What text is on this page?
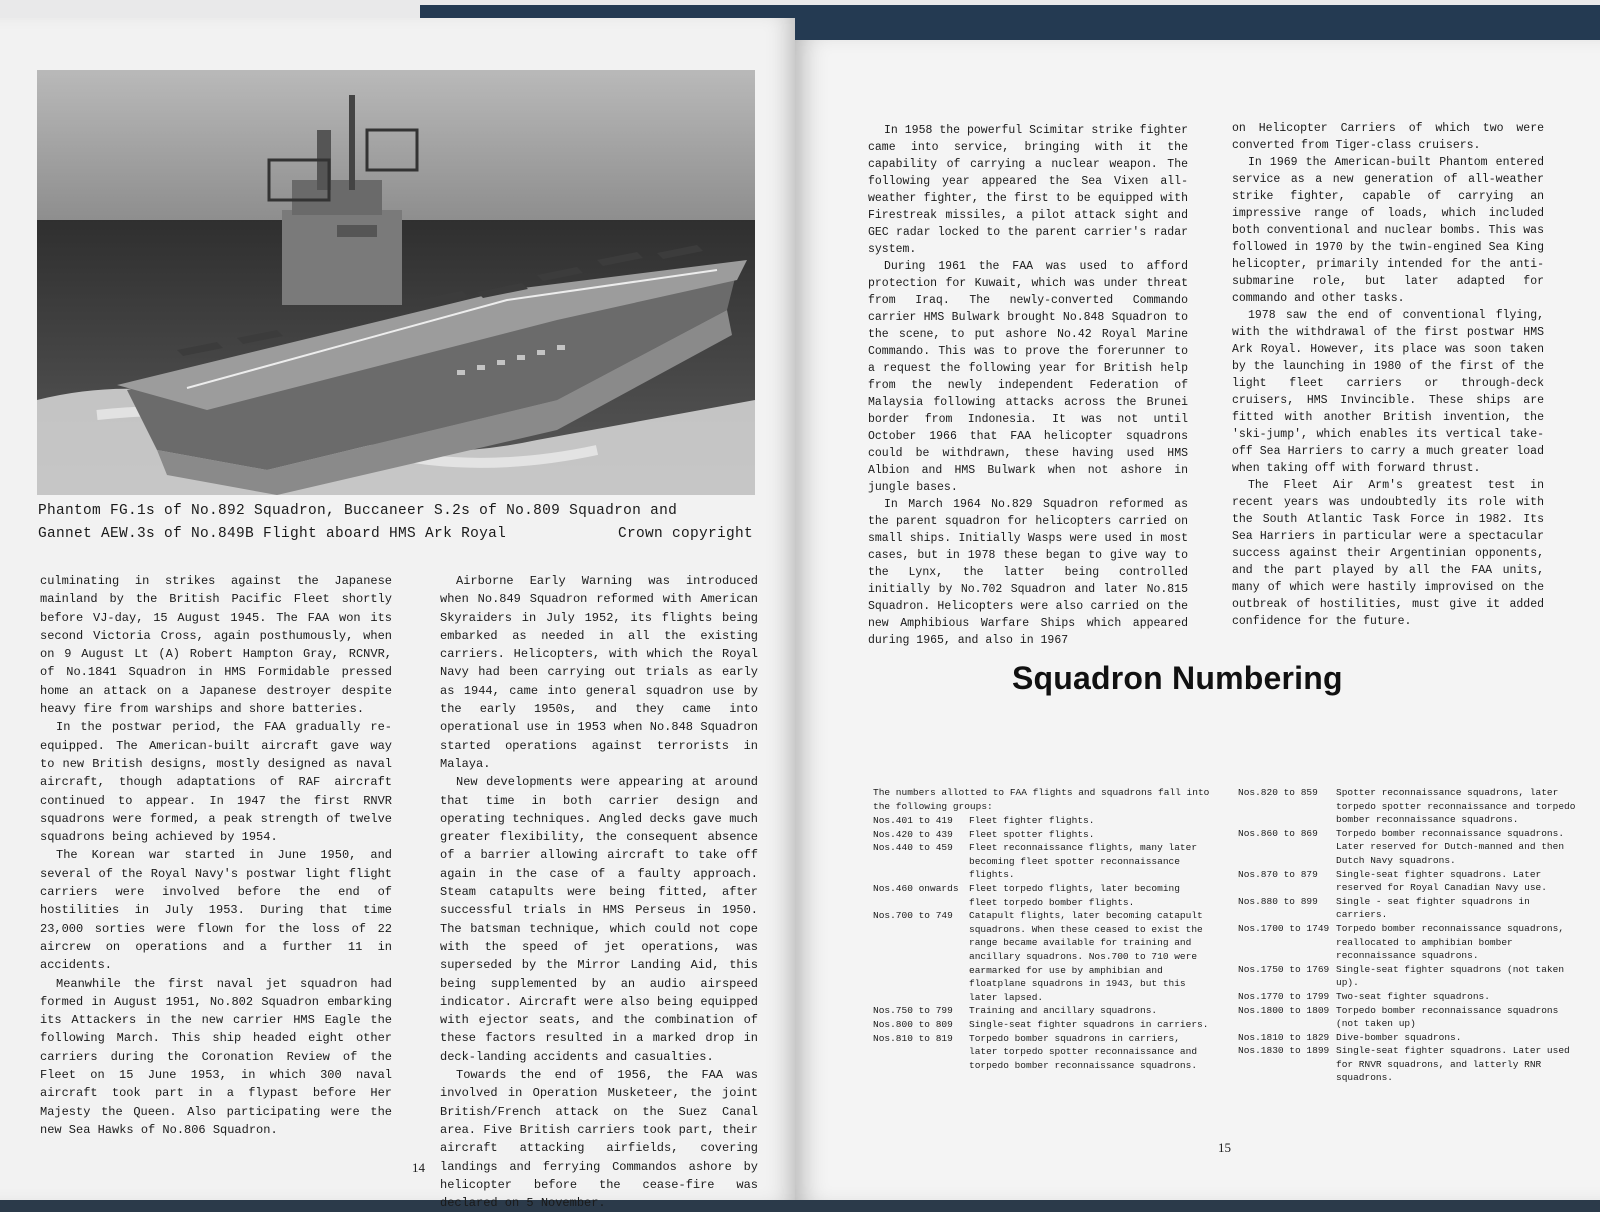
Phantom FG.1s of No.892 Squadron, Buccaneer S.2s of No.809 Squadron and
Gannet AEW.3s of No.849B Flight aboard HMS Ark Royal	Crown copyright

culminating in strikes against the Japanese mainland by the British Pacific Fleet shortly before VJ-day, 15 August 1945. The FAA won its second Victoria Cross, again posthumously, when on 9 August Lt (A) Robert Hampton Gray, RCNVR, of No.1841 Squadron in HMS Formidable pressed home an attack on a Japanese destroyer despite heavy fire from warships and shore batteries.

In the postwar period, the FAA gradually re-equipped. The American-built aircraft gave way to new British designs, mostly designed as naval aircraft, though adaptations of RAF aircraft continued to appear. In 1947 the first RNVR squadrons were formed, a peak strength of twelve squadrons being achieved by 1954.

The Korean war started in June 1950, and several of the Royal Navy's postwar light flight carriers were involved before the end of hostilities in July 1953. During that time 23,000 sorties were flown for the loss of 22 aircrew on operations and a further 11 in accidents.

Meanwhile the first naval jet squadron had formed in August 1951, No.802 Squadron embarking its Attackers in the new carrier HMS Eagle the following March. This ship headed eight other carriers during the Coronation Review of the Fleet on 15 June 1953, in which 300 naval aircraft took part in a flypast before Her Majesty the Queen. Also participating were the new Sea Hawks of No.806 Squadron.

Airborne Early Warning was introduced when No.849 Squadron reformed with American Skyraiders in July 1952, its flights being embarked as needed in all the existing carriers. Helicopters, with which the Royal Navy had been carrying out trials as early as 1944, came into general squadron use by the early 1950s, and they came into operational use in 1953 when No.848 Squadron started operations against terrorists in Malaya.

New developments were appearing at around that time in both carrier design and operating techniques. Angled decks gave much greater flexibility, the consequent absence of a barrier allowing aircraft to take off again in the case of a faulty approach. Steam catapults were being fitted, after successful trials in HMS Perseus in 1950. The batsman technique, which could not cope with the speed of jet operations, was superseded by the Mirror Landing Aid, this being supplemented by an audio airspeed indicator. Aircraft were also being equipped with ejector seats, and the combination of these factors resulted in a marked drop in deck-landing accidents and casualties.

Towards the end of 1956, the FAA was involved in Operation Musketeer, the joint British/French attack on the Suez Canal area. Five British carriers took part, their aircraft attacking airfields, covering landings and ferrying Commandos ashore by helicopter before the cease-fire was declared on 5 November.

14

In 1958 the powerful Scimitar strike fighter came into service, bringing with it the capability of carrying a nuclear weapon. The following year appeared the Sea Vixen all-weather fighter, the first to be equipped with Firestreak missiles, a pilot attack sight and GEC radar locked to the parent carrier's radar system.

During 1961 the FAA was used to afford protection for Kuwait, which was under threat from Iraq. The newly-converted Commando carrier HMS Bulwark brought No.848 Squadron to the scene, to put ashore No.42 Royal Marine Commando. This was to prove the forerunner to a request the following year for British help from the newly independent Federation of Malaysia following attacks across the Brunei border from Indonesia. It was not until October 1966 that FAA helicopter squadrons could be withdrawn, these having used HMS Albion and HMS Bulwark when not ashore in jungle bases.

In March 1964 No.829 Squadron reformed as the parent squadron for helicopters carried on small ships. Initially Wasps were used in most cases, but in 1978 these began to give way to the Lynx, the latter being controlled initially by No.702 Squadron and later No.815 Squadron. Helicopters were also carried on the new Amphibious Warfare Ships which appeared during 1965, and also in 1967

on Helicopter Carriers of which two were converted from Tiger-class cruisers.

In 1969 the American-built Phantom entered service as a new generation of all-weather strike fighter, capable of carrying an impressive range of loads, which included both conventional and nuclear bombs. This was followed in 1970 by the twin-engined Sea King helicopter, primarily intended for the anti-submarine role, but later adapted for commando and other tasks.

1978 saw the end of conventional flying, with the withdrawal of the first postwar HMS Ark Royal. However, its place was soon taken by the launching in 1980 of the first of the light fleet carriers or through-deck cruisers, HMS Invincible. These ships are fitted with another British invention, the 'ski-jump', which enables its vertical take-off Sea Harriers to carry a much greater load when taking off with forward thrust.

The Fleet Air Arm's greatest test in recent years was undoubtedly its role with the South Atlantic Task Force in 1982. Its Sea Harriers in particular were a spectacular success against their Argentinian opponents, and the part played by all the FAA units, many of which were hastily improvised on the outbreak of hostilities, must give it added confidence for the future.

Squadron Numbering
The numbers allotted to FAA flights and squadrons fall into the following groups:
Nos.401 to 419	Fleet fighter flights.
Nos.420 to 439	Fleet spotter flights.
Nos.440 to 459	Fleet reconnaissance flights, many later becoming fleet spotter reconnaissance flights.
Nos.460 onwards	Fleet torpedo flights, later becoming fleet torpedo bomber flights.
Nos.700 to 749	Catapult flights, later becoming catapult squadrons. When these ceased to exist the range became available for training and ancillary squadrons. Nos.700 to 710 were earmarked for use by amphibian and floatplane squadrons in 1943, but this later lapsed.
Nos.750 to 799	Training and ancillary squadrons.
Nos.800 to 809	Single-seat fighter squadrons in carriers.
Nos.810 to 819	Torpedo bomber squadrons in carriers, later torpedo spotter reconnaissance and torpedo bomber reconnaissance squadrons.
Nos.820 to 859	Spotter reconnaissance squadrons, later torpedo spotter reconnaissance and torpedo bomber reconnaissance squadrons.
Nos.860 to 869	Torpedo bomber reconnaissance squadrons. Later reserved for Dutch-manned and then Dutch Navy squadrons.
Nos.870 to 879	Single-seat fighter squadrons. Later reserved for Royal Canadian Navy use.
Nos.880 to 899	Single - seat fighter squadrons in carriers.
Nos.1700 to 1749 Torpedo bomber reconnaissance squadrons, reallocated to amphibian bomber reconnaissance squadrons.
Nos.1750 to 1769 Single-seat fighter squadrons (not taken up).
Nos.1770 to 1799 Two-seat fighter squadrons.
Nos.1800 to 1809 Torpedo bomber reconnaissance squadrons (not taken up)
Nos.1810 to 1829 Dive-bomber squadrons.
Nos.1830 to 1899 Single-seat fighter squadrons. Later used for RNVR squadrons, and latterly RNR squadrons.
15
